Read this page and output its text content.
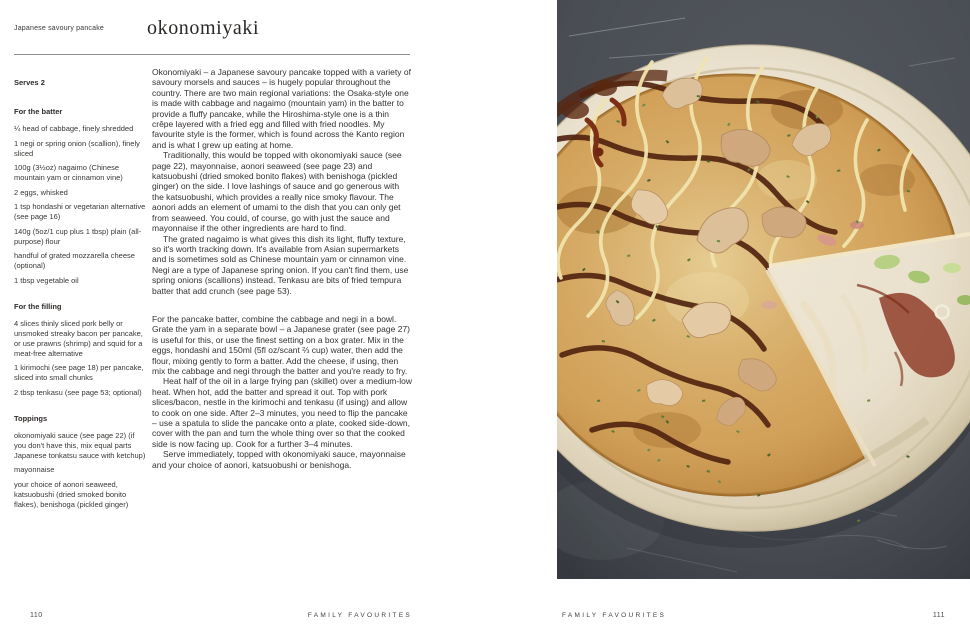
Japanese savoury pancake okonomiyaki
Serves 2
For the batter

¼ head of cabbage, finely shredded

1 negi or spring onion (scallion), finely sliced

100g (3½oz) nagaimo (Chinese mountain yam or cinnamon vine)

2 eggs, whisked

1 tsp hondashi or vegetarian alternative (see page 16)

140g (5oz/1 cup plus 1 tbsp) plain (all-purpose) flour

handful of grated mozzarella cheese (optional)

1 tbsp vegetable oil

For the filling

4 slices thinly sliced pork belly or unsmoked streaky bacon per pancake, or use prawns (shrimp) and squid for a meat-free alternative

1 kirimochi (see page 18) per pancake, sliced into small chunks

2 tbsp tenkasu (see page 53; optional)

Toppings

okonomiyaki sauce (see page 22) (if you don't have this, mix equal parts Japanese tonkatsu sauce with ketchup)

mayonnaise

your choice of aonori seaweed, katsuobushi (dried smoked bonito flakes), benishoga (pickled ginger)

Okonomiyaki – a Japanese savoury pancake topped with a variety of savoury morsels and sauces – is hugely popular throughout the country. There are two main regional variations: the Osaka-style one is made with cabbage and nagaimo (mountain yam) in the batter to provide a fluffy pancake, while the Hiroshima-style one is a thin crêpe layered with a fried egg and filled with fried noodles. My favourite style is the former, which is found across the Kanto region and is what I grew up eating at home.

Traditionally, this would be topped with okonomiyaki sauce (see page 22), mayonnaise, aonori seaweed (see page 23) and katsuobushi (dried smoked bonito flakes) with benishoga (pickled ginger) on the side. I love lashings of sauce and go generous with the katsuobushi, which provides a really nice smoky flavour. The aonori adds an element of umami to the dish that you can only get from seaweed. You could, of course, go with just the sauce and mayonnaise if the other ingredients are hard to find.

The grated nagaimo is what gives this dish its light, fluffy texture, so it's worth tracking down. It's available from Asian supermarkets and is sometimes sold as Chinese mountain yam or cinnamon vine. Negi are a type of Japanese spring onion. If you can't find them, use spring onions (scallions) instead. Tenkasu are bits of fried tempura batter that add crunch (see page 53).

For the pancake batter, combine the cabbage and negi in a bowl. Grate the yam in a separate bowl – a Japanese grater (see page 27) is useful for this, or use the finest setting on a box grater. Mix in the eggs, hondashi and 150ml (5fl oz/scant ⅔ cup) water, then add the flour, mixing gently to form a batter. Add the cheese, if using, then mix the cabbage and negi through the batter and you're ready to fry.

Heat half of the oil in a large frying pan (skillet) over a medium-low heat. When hot, add the batter and spread it out. Top with pork slices/bacon, nestle in the kirimochi and tenkasu (if using) and allow to cook on one side. After 2–3 minutes, you need to flip the pancake – use a spatula to slide the pancake onto a plate, cooked side-down, cover with the pan and turn the whole thing over so that the cooked side is now facing up. Cook for a further 3–4 minutes.

Serve immediately, topped with okonomiyaki sauce, mayonnaise and your choice of aonori, katsuobushi or benishoga.

110	FAMILY FAVOURITES	FAMILY FAVOURITES	111
